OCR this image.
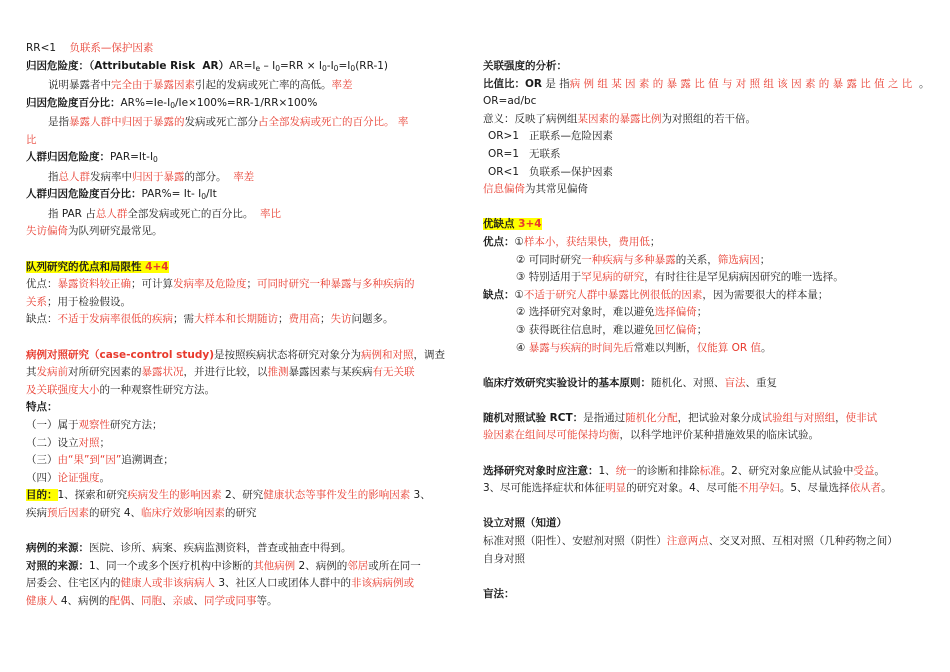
RR<1 负联系—保护因素
归因危险度：（Attributable Risk  AR）AR=Ie – I0=RR × I0-I0=I0(RR-1)
说明暴露者中完全由于暴露因素引起的发病或死亡率的高低。率差
归因危险度百分比：AR%=Ie-I0/Ie×100%=RR-1/RR×100%
是指暴露人群中归因于暴露的发病或死亡部分占全部发病或死亡的百分比。 率
比
人群归因危险度：PAR=It-I0
指总人群发病率中归因于暴露的部分。  率差
人群归因危险度百分比：PAR%= It- I0/It
指 PAR 占总人群全部发病或死亡的百分比。  率比
失访偏倚为队列研究最常见。
队列研究的优点和局限性 4+4
优点：暴露资料较正确；可计算发病率及危险度；可同时研究一种暴露与多种疾病的
关系；用于检验假设。
缺点：不适于发病率很低的疾病；需大样本和长期随访；费用高；失访问题多。
病例对照研究（case-control study)是按照疾病状态将研究对象分为病例和对照，调查
其发病前对所研究因素的暴露状况，并进行比较，以推测暴露因素与某疾病有无关联
及关联强度大小的一种观察性研究方法。
特点：
（一）属于观察性研究方法；
（二）设立对照；
（三）由“果”到“因”追溯调查；
（四）论证强度。
目的：1、探索和研究疾病发生的影响因素 2、研究健康状态等事件发生的影响因素 3、
疾病预后因素的研究 4、临床疗效影响因素的研究
病例的来源：医院、诊所、病案、疾病监测资料，普查或抽查中得到。
对照的来源：1、同一个或多个医疗机构中诊断的其他病例 2、病例的邻居或所在同一
居委会、住宅区内的健康人或非该病病人 3、社区人口或团体人群中的非该病病例或
健康人 4、病例的配偶、同胞、亲戚、同学或同事等。
关联强度的分析：
比值比：OR 是 指病 例 组 某 因 素 的 暴 露 比 值 与 对 照 组 该 因 素 的 暴 露 比 值 之 比  。
OR=ad/bc
意义：反映了病例组某因素的暴露比例为对照组的若干倍。
OR>1 正联系—危险因素
OR=1 无联系
OR<1 负联系—保护因素
信息偏倚为其常见偏倚
优缺点 3+4
优点：①样本小，获结果快，费用低；
② 可同时研究一种疾病与多种暴露的关系，筛选病因；
③ 特别适用于罕见病的研究，有时往往是罕见病病因研究的唯一选择。
缺点：①不适于研究人群中暴露比例很低的因素，因为需要很大的样本量；
② 选择研究对象时，难以避免选择偏倚；
③ 获得既往信息时，难以避免回忆偏倚；
④ 暴露与疾病的时间先后常难以判断，仅能算 OR 值。
临床疗效研究实验设计的基本原则：随机化、对照、盲法、重复
随机对照试验 RCT：是指通过随机化分配，把试验对象分成试验组与对照组，使非试
验因素在组间尽可能保持均衡，以科学地评价某种措施效果的临床试验。
选择研究对象时应注意：1、统一的诊断和排除标准。2、研究对象应能从试验中受益。
3、尽可能选择症状和体征明显的研究对象。4、尽可能不用孕妇。5、尽量选择依从者。
设立对照（知道）
标准对照（阳性）、安慰剂对照（阴性）注意两点、交叉对照、互相对照（几种药物之间）
自身对照
盲法：
